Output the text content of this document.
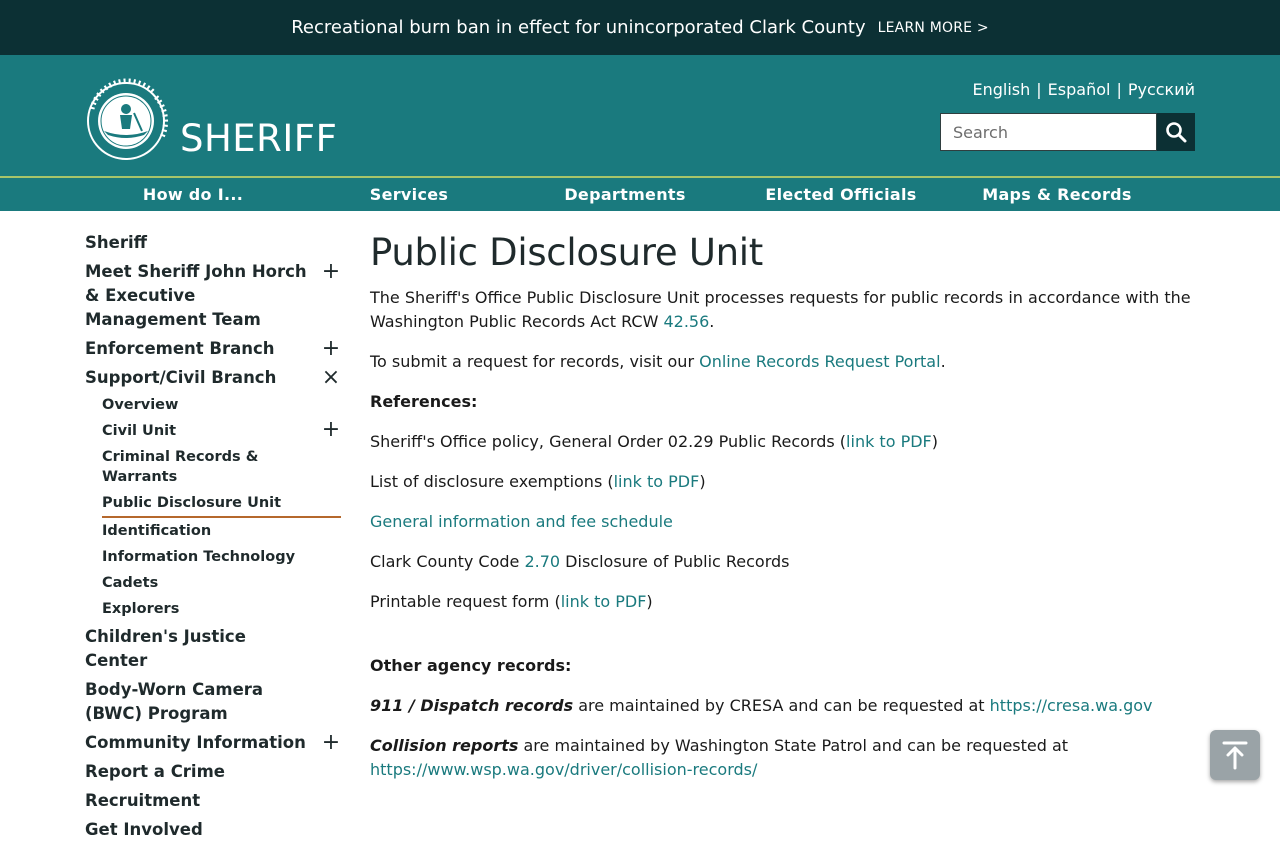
Recreational burn ban in effect for unincorporated Clark County LEARN MORE >
SHERIFF
English | Español | Русский
Search
How do I...	Services	Departments	Elected Officials	Maps & Records
Sheriff
Meet Sheriff John Horch & Executive Management Team
+
Enforcement Branch +
Support/Civil Branch ×
Overview
Civil Unit	+
Criminal Records & Warrants
Public Disclosure Unit
Identification
Information Technology
Cadets
Explorers
Children's Justice Center
Body-Worn Camera (BWC) Program
Community Information +
Report a Crime
Recruitment
Get Involved
Public Disclosure Unit

The Sheriff's Office Public Disclosure Unit processes requests for public records in accordance with the Washington Public Records Act RCW 42.56.

To submit a request for records, visit our Online Records Request Portal.

References:

Sheriff's Office policy, General Order 02.29 Public Records (link to PDF)

List of disclosure exemptions (link to PDF)

General information and fee schedule

Clark County Code 2.70 Disclosure of Public Records

Printable request form (link to PDF)

Other agency records:

911 / Dispatch records are maintained by CRESA and can be requested at https://cresa.wa.gov

Collision reports are maintained by Washington State Patrol and can be requested at https://www.wsp.wa.gov/driver/collision-records/
